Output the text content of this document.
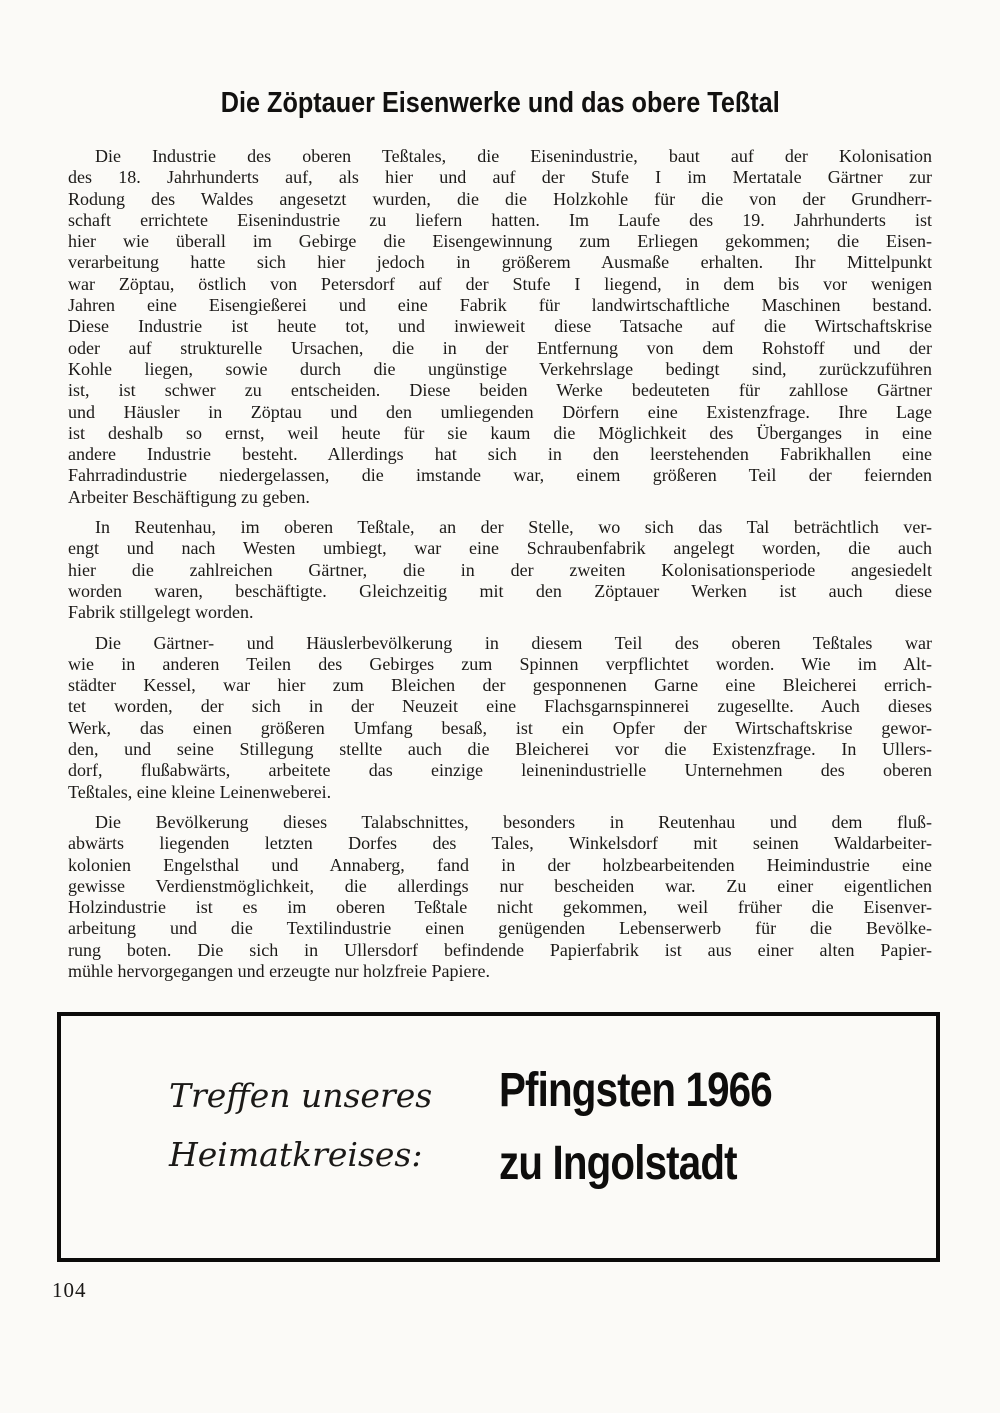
Die Zöptauer Eisenwerke und das obere Teßtal
Die Industrie des oberen Teßtales, die Eisenindustrie, baut auf der Kolonisation
des 18. Jahrhunderts auf, als hier und auf der Stufe I im Mertatale Gärtner zur
Rodung des Waldes angesetzt wurden, die die Holzkohle für die von der Grundherr-
schaft errichtete Eisenindustrie zu liefern hatten. Im Laufe des 19. Jahrhunderts ist
hier wie überall im Gebirge die Eisengewinnung zum Erliegen gekommen; die Eisen-
verarbeitung hatte sich hier jedoch in größerem Ausmaße erhalten. Ihr Mittelpunkt
war Zöptau, östlich von Petersdorf auf der Stufe I liegend, in dem bis vor wenigen
Jahren eine Eisengießerei und eine Fabrik für landwirtschaftliche Maschinen bestand.
Diese Industrie ist heute tot, und inwieweit diese Tatsache auf die Wirtschaftskrise
oder auf strukturelle Ursachen, die in der Entfernung von dem Rohstoff und der
Kohle liegen, sowie durch die ungünstige Verkehrslage bedingt sind, zurückzuführen
ist, ist schwer zu entscheiden. Diese beiden Werke bedeuteten für zahllose Gärtner
und Häusler in Zöptau und den umliegenden Dörfern eine Existenzfrage. Ihre Lage
ist deshalb so ernst, weil heute für sie kaum die Möglichkeit des Überganges in eine
andere Industrie besteht. Allerdings hat sich in den leerstehenden Fabrikhallen eine
Fahrradindustrie niedergelassen, die imstande war, einem größeren Teil der feiernden
Arbeiter Beschäftigung zu geben.
In Reutenhau, im oberen Teßtale, an der Stelle, wo sich das Tal beträchtlich ver-
engt und nach Westen umbiegt, war eine Schraubenfabrik angelegt worden, die auch
hier die zahlreichen Gärtner, die in der zweiten Kolonisationsperiode angesiedelt
worden waren, beschäftigte. Gleichzeitig mit den Zöptauer Werken ist auch diese
Fabrik stillgelegt worden.
Die Gärtner- und Häuslerbevölkerung in diesem Teil des oberen Teßtales war
wie in anderen Teilen des Gebirges zum Spinnen verpflichtet worden. Wie im Alt-
städter Kessel, war hier zum Bleichen der gesponnenen Garne eine Bleicherei errich-
tet worden, der sich in der Neuzeit eine Flachsgarnspinnerei zugesellte. Auch dieses
Werk, das einen größeren Umfang besaß, ist ein Opfer der Wirtschaftskrise gewor-
den, und seine Stillegung stellte auch die Bleicherei vor die Existenzfrage. In Ullers-
dorf, flußabwärts, arbeitete das einzige leinenindustrielle Unternehmen des oberen
Teßtales, eine kleine Leinenweberei.
Die Bevölkerung dieses Talabschnittes, besonders in Reutenhau und dem fluß-
abwärts liegenden letzten Dorfes des Tales, Winkelsdorf mit seinen Waldarbeiter-
kolonien Engelsthal und Annaberg, fand in der holzbearbeitenden Heimindustrie eine
gewisse Verdienstmöglichkeit, die allerdings nur bescheiden war. Zu einer eigentlichen
Holzindustrie ist es im oberen Teßtale nicht gekommen, weil früher die Eisenver-
arbeitung und die Textilindustrie einen genügenden Lebenserwerb für die Bevölke-
rung boten. Die sich in Ullersdorf befindende Papierfabrik ist aus einer alten Papier-
mühle hervorgegangen und erzeugte nur holzfreie Papiere.
Treffen unseres
Heimatkreises:
Pfingsten 1966
zu Ingolstadt
104
